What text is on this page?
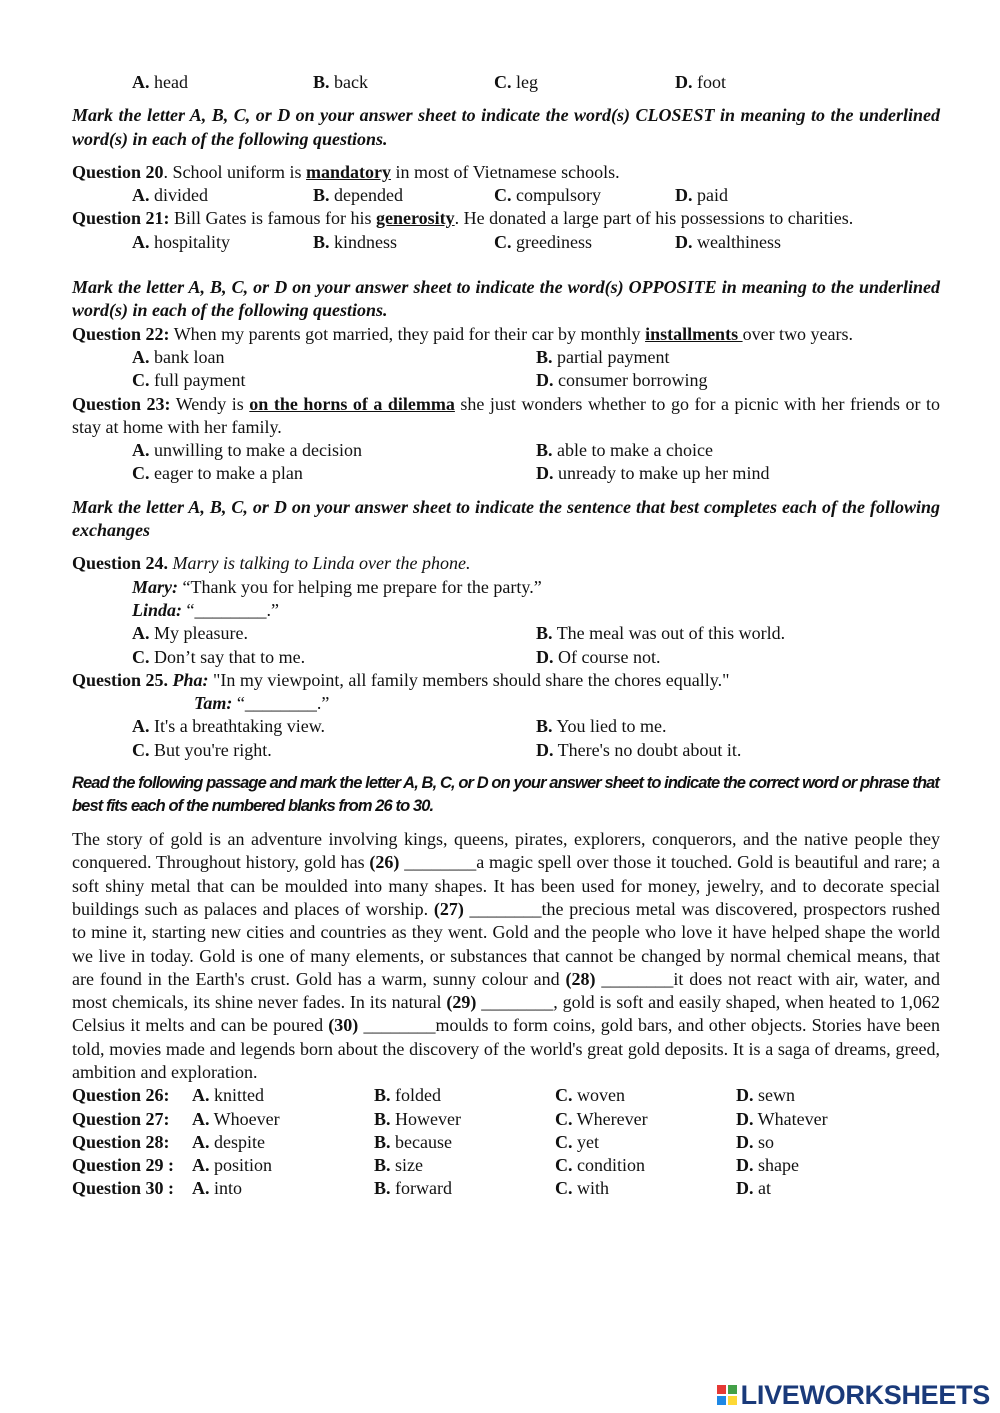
A. head	B. back	C. leg	D. foot
Mark the letter A, B, C, or D on your answer sheet to indicate the word(s) CLOSEST in meaning to the underlined word(s) in each of the following questions.
Question 20. School uniform is mandatory in most of Vietnamese schools.
A. divided	B. depended	C. compulsory	D. paid
Question 21: Bill Gates is famous for his generosity. He donated a large part of his possessions to charities.
A. hospitality	B. kindness	C. greediness	D. wealthiness
Mark the letter A, B, C, or D on your answer sheet to indicate the word(s) OPPOSITE in meaning to the underlined word(s) in each of the following questions.
Question 22: When my parents got married, they paid for their car by monthly installments over two years.
A. bank loan	B. partial payment
C. full payment	D. consumer borrowing
Question 23: Wendy is on the horns of a dilemma she just wonders whether to go for a picnic with her friends or to stay at home with her family.
A. unwilling to make a decision	B. able to make a choice
C. eager to make a plan	D. unready to make up her mind
Mark the letter A, B, C, or D on your answer sheet to indicate the sentence that best completes each of the following exchanges
Question 24. Marry is talking to Linda over the phone.
Mary: “Thank you for helping me prepare for the party.”
Linda: “________.”
A. My pleasure.	B. The meal was out of this world.
C. Don’t say that to me.	D. Of course not.
Question 25. Pha: "In my viewpoint, all family members should share the chores equally."
Tam: “________.”
A. It's a breathtaking view.	B. You lied to me.
C. But you're right.	D. There's no doubt about it.
Read the following passage and mark the letter A, B, C, or D on your answer sheet to indicate the correct word or phrase that best fits each of the numbered blanks from 26 to 30.
The story of gold is an adventure involving kings, queens, pirates, explorers, conquerors, and the native people they conquered. Throughout history, gold has (26) ________a magic spell over those it touched. Gold is beautiful and rare; a soft shiny metal that can be moulded into many shapes. It has been used for money, jewelry, and to decorate special buildings such as palaces and places of worship. (27) ________the precious metal was discovered, prospectors rushed to mine it, starting new cities and countries as they went. Gold and the people who love it have helped shape the world we live in today. Gold is one of many elements, or substances that cannot be changed by normal chemical means, that are found in the Earth's crust. Gold has a warm, sunny colour and (28) ________it does not react with air, water, and most chemicals, its shine never fades. In its natural (29) ________, gold is soft and easily shaped, when heated to 1,062 Celsius it melts and can be poured (30) ________moulds to form coins, gold bars, and other objects. Stories have been told, movies made and legends born about the discovery of the world's great gold deposits. It is a saga of dreams, greed, ambition and exploration.
Question 26:	A. knitted	B. folded	C. woven	D. sewn
Question 27:	A. Whoever	B. However	C. Wherever	D. Whatever
Question 28:	A. despite	B. because	C. yet	D. so
Question 29 : A. position	B. size	C. condition	D. shape
Question 30 : A. into	B. forward	C. with	D. at
LIVEWORKSHEETS
